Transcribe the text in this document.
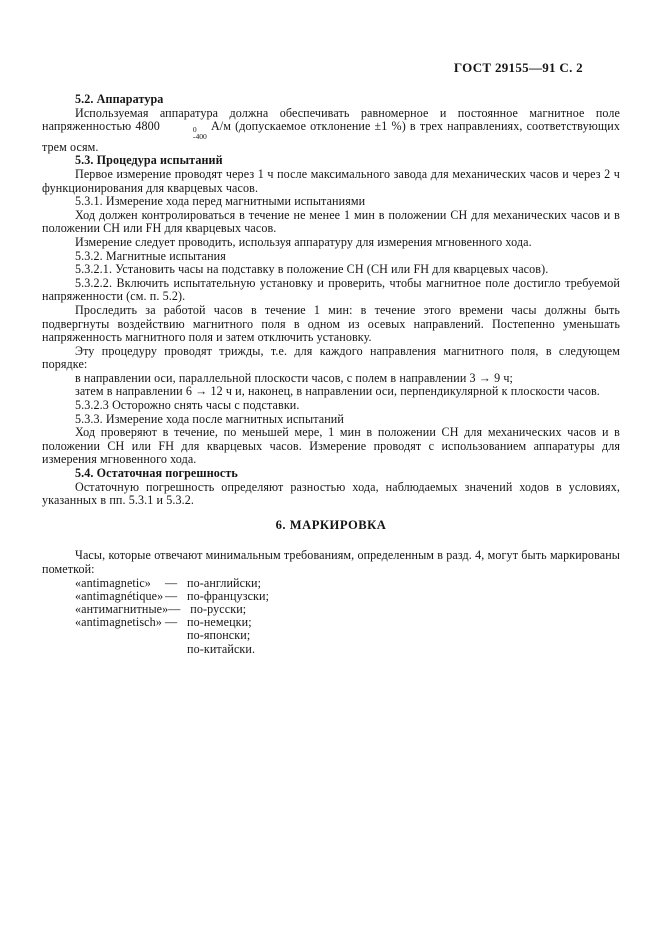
ГОСТ 29155—91 С. 2

5.2. Аппаратура

Используемая аппаратура должна обеспечивать равномерное и постоянное магнитное поле напряженностью 4800	0
-400
А/м (допускаемое отклонение ±1 %) в трех направлениях, соответствующих трем осям.

5.3. Процедура испытаний

Первое измерение проводят через 1 ч после максимального завода для механических часов и через 2 ч функционирования для кварцевых часов.

5.3.1. Измерение хода перед магнитными испытаниями

Ход должен контролироваться в течение не менее 1 мин в положении СН для механических часов и в положении СН или FH для кварцевых часов.

Измерение следует проводить, используя аппаратуру для измерения мгновенного хода.

5.3.2. Магнитные испытания

5.3.2.1. Установить часы на подставку в положение СН (СН или FH для кварцевых часов).

5.3.2.2. Включить испытательную установку и проверить, чтобы магнитное поле достигло требуемой напряженности (см. п. 5.2).

Проследить за работой часов в течение 1 мин: в течение этого времени часы должны быть подвергнуты воздействию магнитного поля в одном из осевых направлений. Постепенно уменьшать напряженность магнитного поля и затем отключить установку.

Эту процедуру проводят трижды, т.е. для каждого направления магнитного поля, в следующем порядке:

в направлении оси, параллельной плоскости часов, с полем в направлении 3 → 9 ч;

затем в направлении 6 → 12 ч и, наконец, в направлении оси, перпендикулярной к плоскости часов.

5.3.2.3 Осторожно снять часы с подставки.

5.3.3. Измерение хода после магнитных испытаний

Ход проверяют в течение, по меньшей мере, 1 мин в положении СН для механических часов и в положении СН или FH для кварцевых часов. Измерение проводят с использованием аппаратуры для измерения мгновенного хода.

5.4. Остаточная погрешность

Остаточную погрешность определяют разностью хода, наблюдаемых значений ходов в условиях, указанных в пп. 5.3.1 и 5.3.2.

6. МАРКИРОВКА

Часы, которые отвечают минимальным требованиям, определенным в разд. 4, могут быть маркированы пометкой:

«antimagnetic»	— по-английски;
«antimagnétique» — по-французски;
«антимагнитные» — по-русски;
«antimagnetisch» — по-немецки;
по-японски;
по-китайски.
